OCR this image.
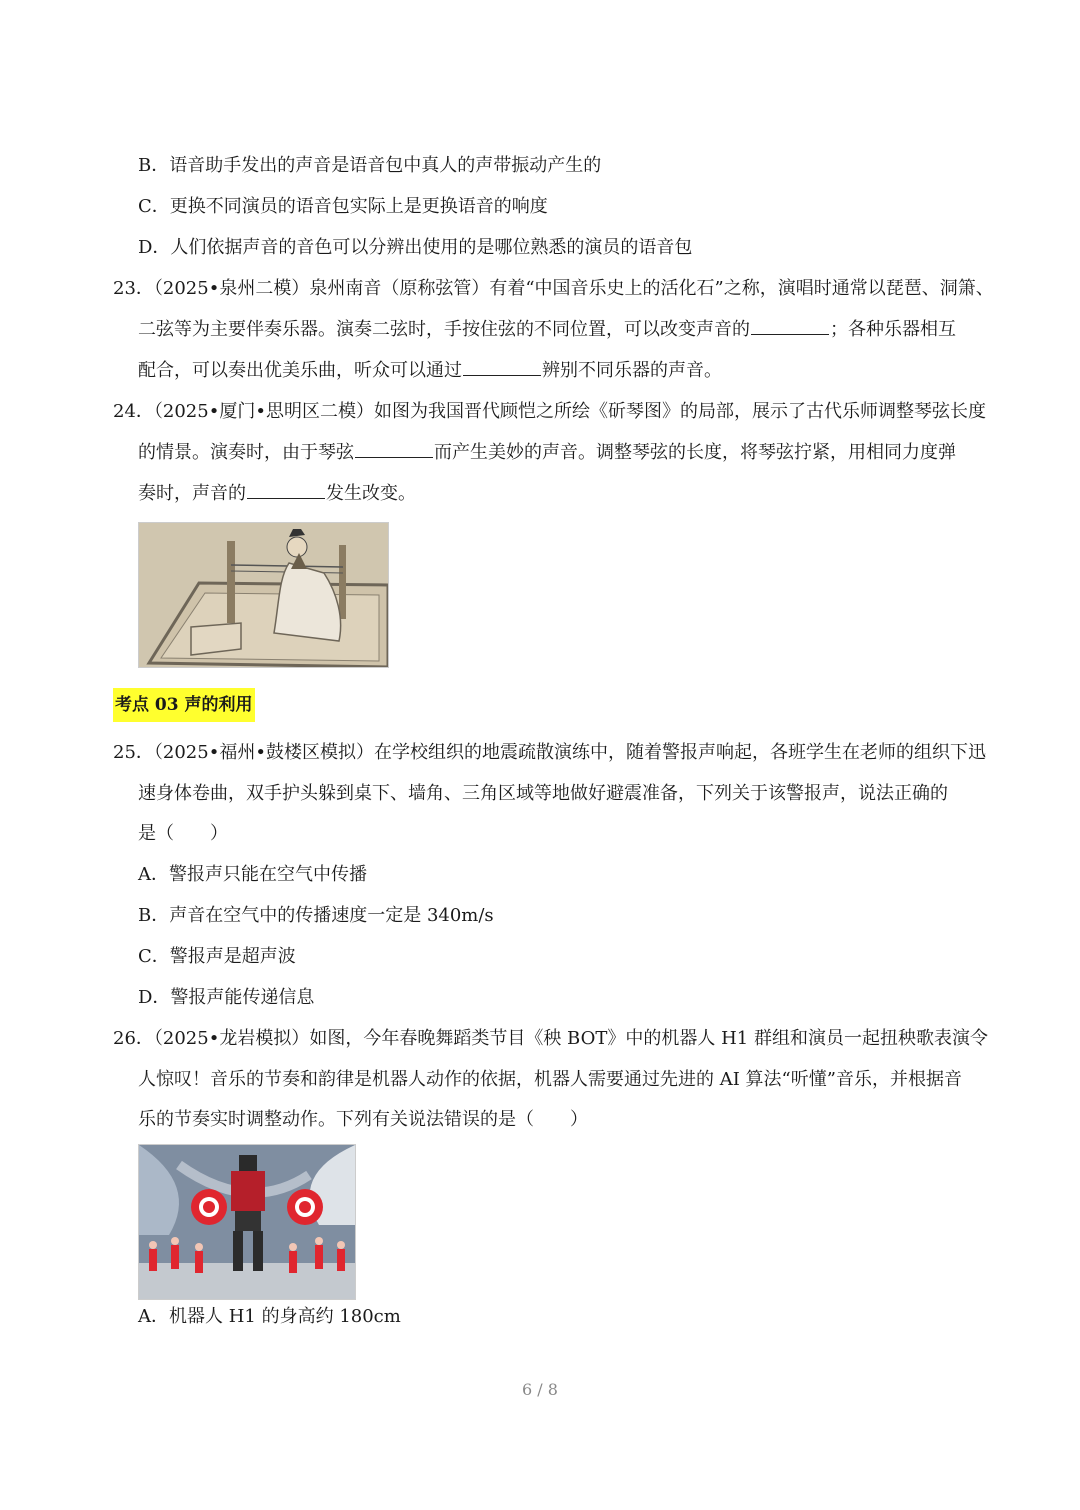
B．语音助手发出的声音是语音包中真人的声带振动产生的
C．更换不同演员的语音包实际上是更换语音的响度
D．人们依据声音的音色可以分辨出使用的是哪位熟悉的演员的语音包
23．（2025•泉州二模）泉州南音（原称弦管）有着“中国音乐史上的活化石”之称，演唱时通常以琵琶、洞箫、
二弦等为主要伴奏乐器。演奏二弦时，手按住弦的不同位置，可以改变声音的	；各种乐器相互
配合，可以奏出优美乐曲，听众可以通过	辨别不同乐器的声音。
24．（2025•厦门•思明区二模）如图为我国晋代顾恺之所绘《斫琴图》的局部，展示了古代乐师调整琴弦长度
的情景。演奏时，由于琴弦	而产生美妙的声音。调整琴弦的长度，将琴弦拧紧，用相同力度弹
奏时，声音的	发生改变。
考点 03 声的利用
25．（2025•福州•鼓楼区模拟）在学校组织的地震疏散演练中，随着警报声响起，各班学生在老师的组织下迅
速身体卷曲，双手护头躲到桌下、墙角、三角区域等地做好避震准备，下列关于该警报声，说法正确的
是（　　）
A．警报声只能在空气中传播
B．声音在空气中的传播速度一定是 340m/s
C．警报声是超声波
D．警报声能传递信息
26．（2025•龙岩模拟）如图，今年春晚舞蹈类节目《秧 BOT》中的机器人 H1 群组和演员一起扭秧歌表演令
人惊叹！音乐的节奏和韵律是机器人动作的依据，机器人需要通过先进的 AI 算法“听懂”音乐，并根据音
乐的节奏实时调整动作。下列有关说法错误的是（　　）
A．机器人 H1 的身高约 180cm
6 / 8
